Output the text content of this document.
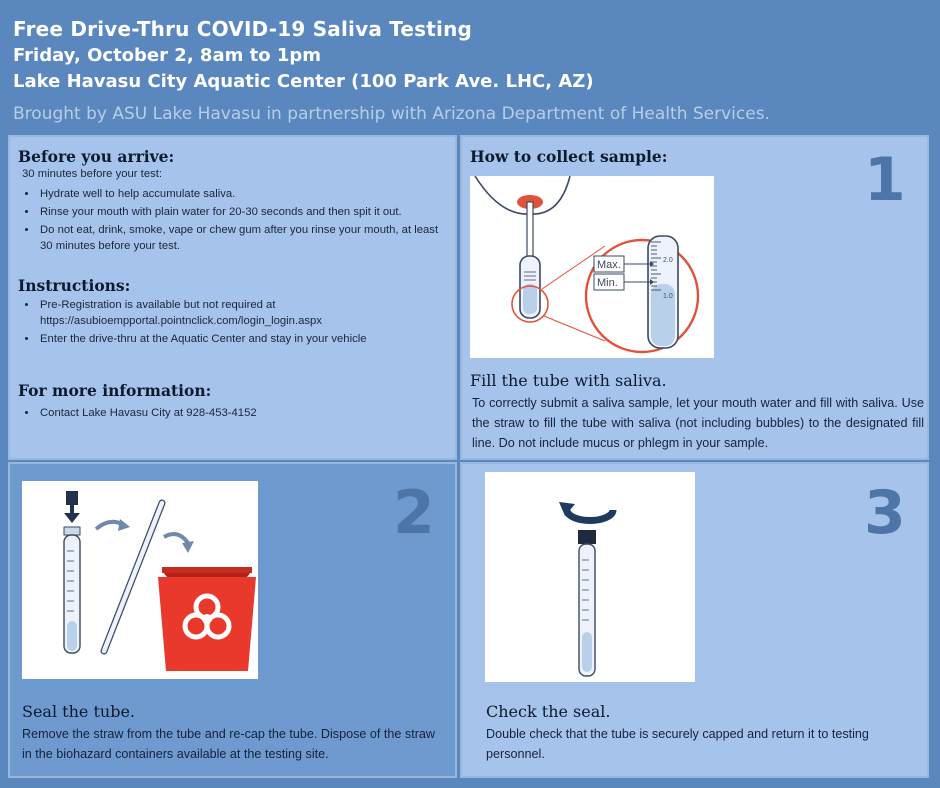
Free Drive-Thru COVID-19 Saliva Testing
Friday, October 2, 8am to 1pm
Lake Havasu City Aquatic Center (100 Park Ave. LHC, AZ)
Brought by ASU Lake Havasu in partnership with Arizona Department of Health Services.
Before you arrive:
30 minutes before your test:
• Hydrate well to help accumulate saliva.
• Rinse your mouth with plain water for 20-30 seconds and then spit it out.
• Do not eat, drink, smoke, vape or chew gum after you rinse your mouth, at least 30 minutes before your test.
Instructions:
• Pre-Registration is available but not required at https://asubioempportal.pointnclick.com/login_login.aspx
• Enter the drive-thru at the Aquatic Center and stay in your vehicle
For more information:
• Contact Lake Havasu City at 928-453-4152
How to collect sample:	1
2.0
1.0
Max.
Min.
Fill the tube with saliva.
To correctly submit a saliva sample, let your mouth water and fill with saliva. Use the straw to fill the tube with saliva (not including bubbles) to the designated fill line. Do not include mucus or phlegm in your sample.
2
Seal the tube.
Remove the straw from the tube and re-cap the tube. Dispose of the straw in the biohazard containers available at the testing site.
3
Check the seal.
Double check that the tube is securely capped and return it to testing personnel.
